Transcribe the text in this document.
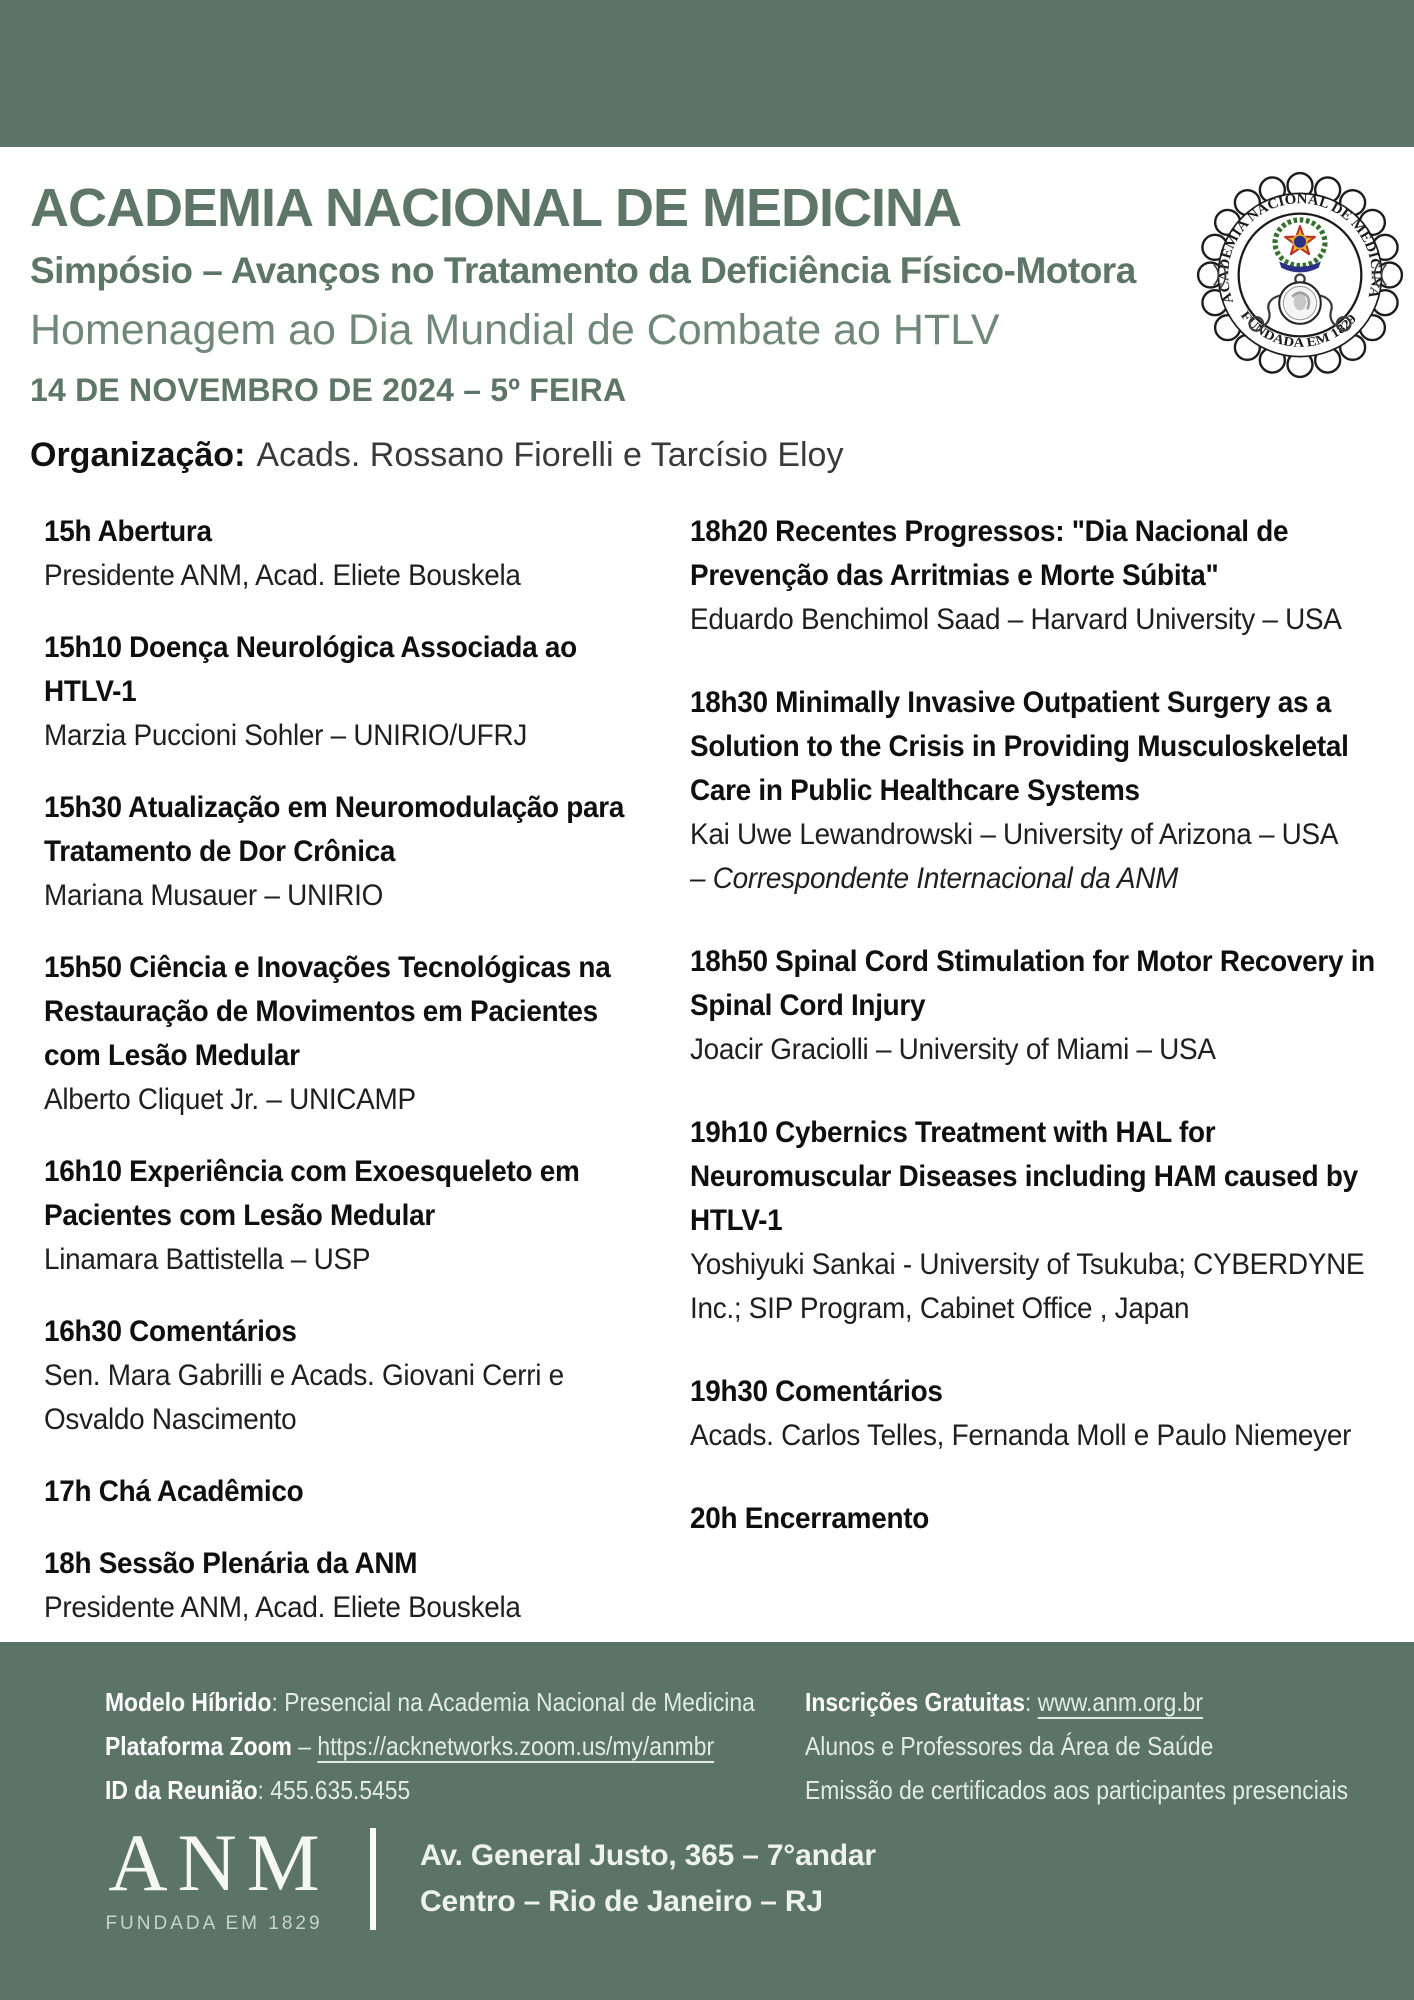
ACADEMIA NACIONAL DE MEDICINA
FUNDADA EM 1829
ACADEMIA NACIONAL DE MEDICINA
Simpósio – Avanços no Tratamento da Deficiência Físico-Motora
Homenagem ao Dia Mundial de Combate ao HTLV
14 DE NOVEMBRO DE 2024 – 5º FEIRA
Organização: Acads. Rossano Fiorelli e Tarcísio Eloy
15h Abertura
Presidente ANM, Acad. Eliete Bouskela
15h10 Doença Neurológica Associada ao HTLV-1
Marzia Puccioni Sohler – UNIRIO/UFRJ
15h30 Atualização em Neuromodulação para Tratamento de Dor Crônica
Mariana Musauer – UNIRIO
15h50 Ciência e Inovações Tecnológicas na Restauração de Movimentos em Pacientes com Lesão Medular
Alberto Cliquet Jr. – UNICAMP
16h10 Experiência com Exoesqueleto em Pacientes com Lesão Medular
Linamara Battistella – USP
16h30 Comentários
Sen. Mara Gabrilli e Acads. Giovani Cerri e Osvaldo Nascimento
17h Chá Acadêmico
18h Sessão Plenária da ANM
Presidente ANM, Acad. Eliete Bouskela
18h20 Recentes Progressos: "Dia Nacional de Prevenção das Arritmias e Morte Súbita"
Eduardo Benchimol Saad – Harvard University – USA
18h30 Minimally Invasive Outpatient Surgery as a Solution to the Crisis in Providing Musculoskeletal Care in Public Healthcare Systems
Kai Uwe Lewandrowski – University of Arizona – USA
– Correspondente Internacional da ANM
18h50 Spinal Cord Stimulation for Motor Recovery in Spinal Cord Injury
Joacir Graciolli – University of Miami – USA
19h10 Cybernics Treatment with HAL for Neuromuscular Diseases including HAM caused by HTLV-1
Yoshiyuki Sankai - University of Tsukuba; CYBERDYNE Inc.; SIP Program, Cabinet Office , Japan
19h30 Comentários
Acads. Carlos Telles, Fernanda Moll e Paulo Niemeyer
20h Encerramento
Modelo Híbrido: Presencial na Academia Nacional de Medicina
Plataforma Zoom – https://acknetworks.zoom.us/my/anmbr
ID da Reunião: 455.635.5455
Inscrições Gratuitas: www.anm.org.br
Alunos e Professores da Área de Saúde
Emissão de certificados aos participantes presenciais
ANM
FUNDADA EM 1829
Av. General Justo, 365 – 7°andar
Centro – Rio de Janeiro – RJ
